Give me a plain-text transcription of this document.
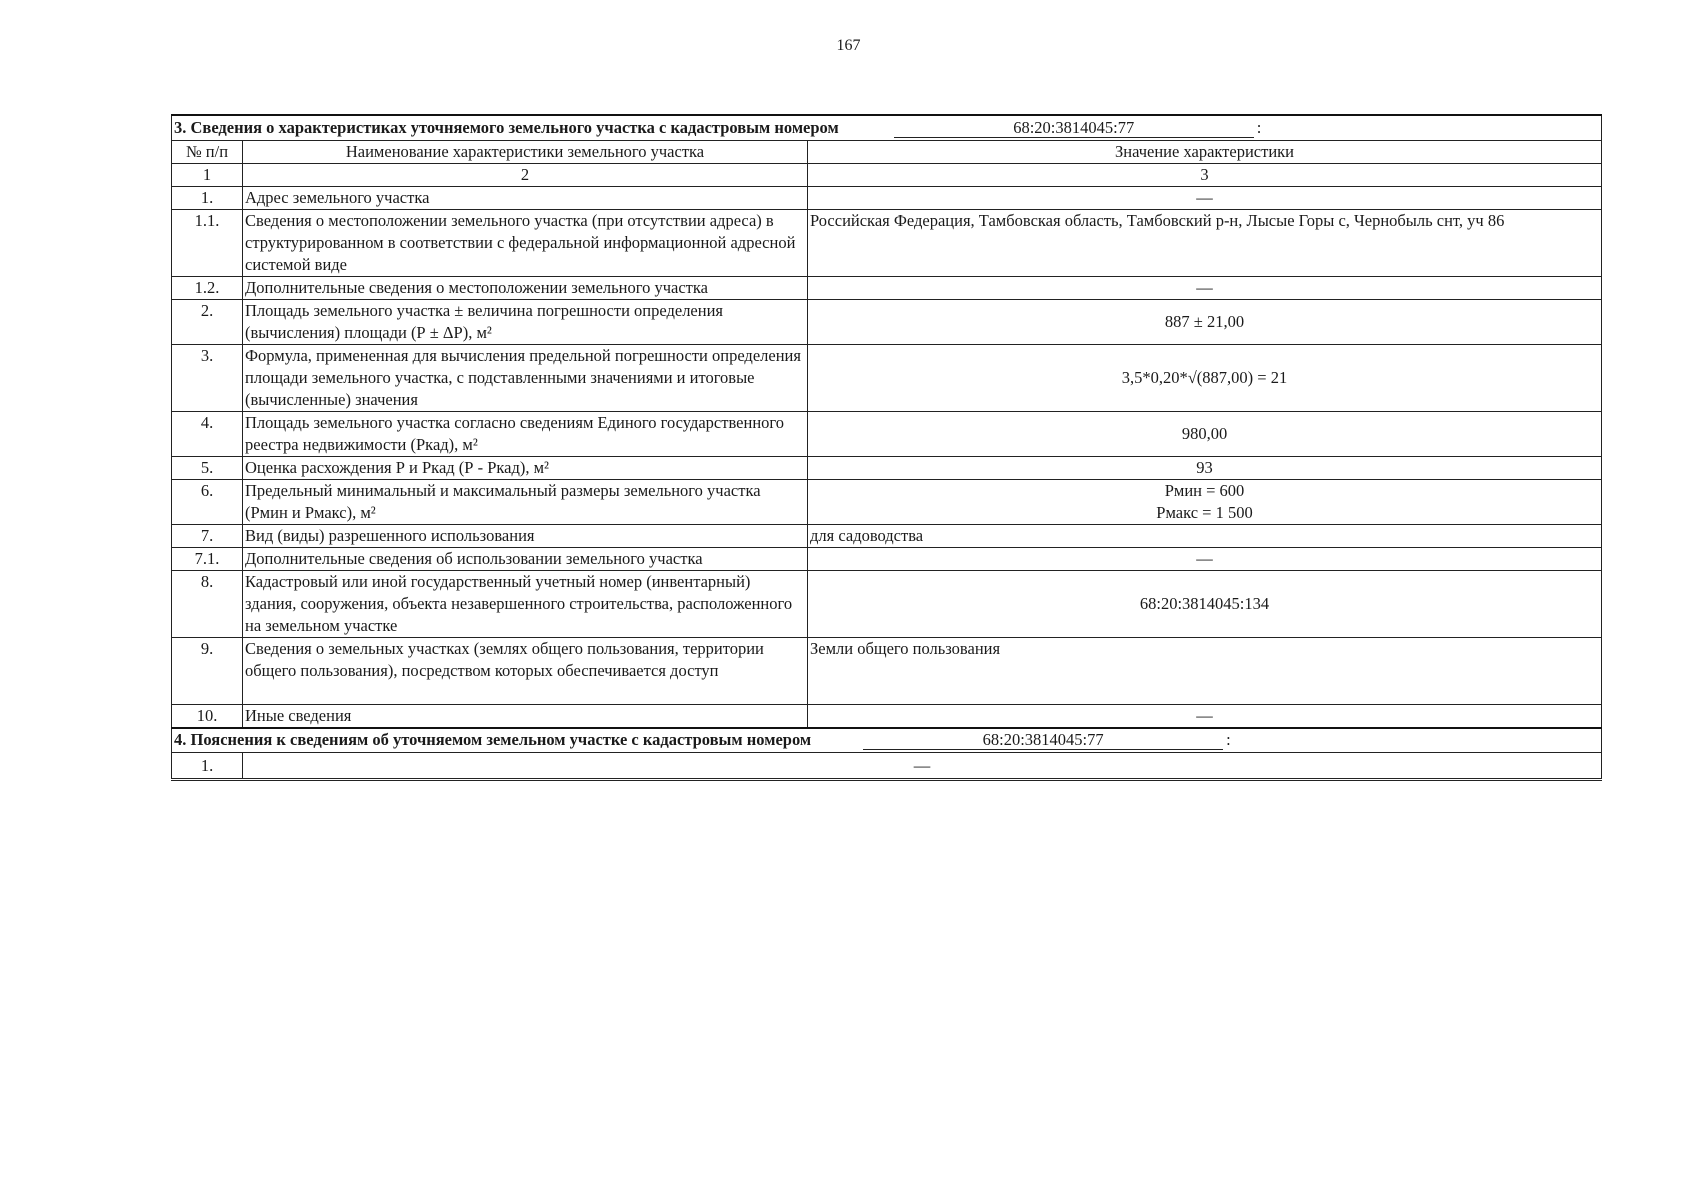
167
3. Сведения о характеристиках уточняемого земельного участка с кадастровым номером 68:20:3814045:77 :		
№ п/п	Наименование характеристики земельного участка	Значение характеристики
1	2	3
1.	Адрес земельного участка	—
1.1.	Сведения о местоположении земельного участка (при отсутствии адреса) в структурированном в соответствии с федеральной информационной адресной системой виде	Российская Федерация, Тамбовская область, Тамбовский р-н, Лысые Горы с, Чернобыль снт, уч 86
1.2.	Дополнительные сведения о местоположении земельного участка	—
2.	Площадь земельного участка ± величина погрешности определения (вычисления) площади (Р ± ΔР), м²	887 ± 21,00
3.	Формула, примененная для вычисления предельной погрешности определения площади земельного участка, с подставленными значениями и итоговые (вычисленные) значения	3,5*0,20*√(887,00) = 21
4.	Площадь земельного участка согласно сведениям Единого государственного реестра недвижимости (Ркад), м²	980,00
5.	Оценка расхождения Р и Ркад (Р - Ркад), м²	93
6.	Предельный минимальный и максимальный размеры земельного участка (Рмин и Рмакс), м²	Рмин = 600
Рмакс = 1 500

7.	Вид (виды) разрешенного использования	для садоводства
7.1.	Дополнительные сведения об использовании земельного участка	—
8.	Кадастровый или иной государственный учетный номер (инвентарный) здания, сооружения, объекта незавершенного строительства, расположенного на земельном участке	68:20:3814045:134
9.	Сведения о земельных участках (землях общего пользования, территории общего пользования), посредством которых обеспечивается доступ	Земли общего пользования
10.	Иные сведения	—
4. Пояснения к сведениям об уточняемом земельном участке с кадастровым номером 68:20:3814045:77 :		
1.	—	
